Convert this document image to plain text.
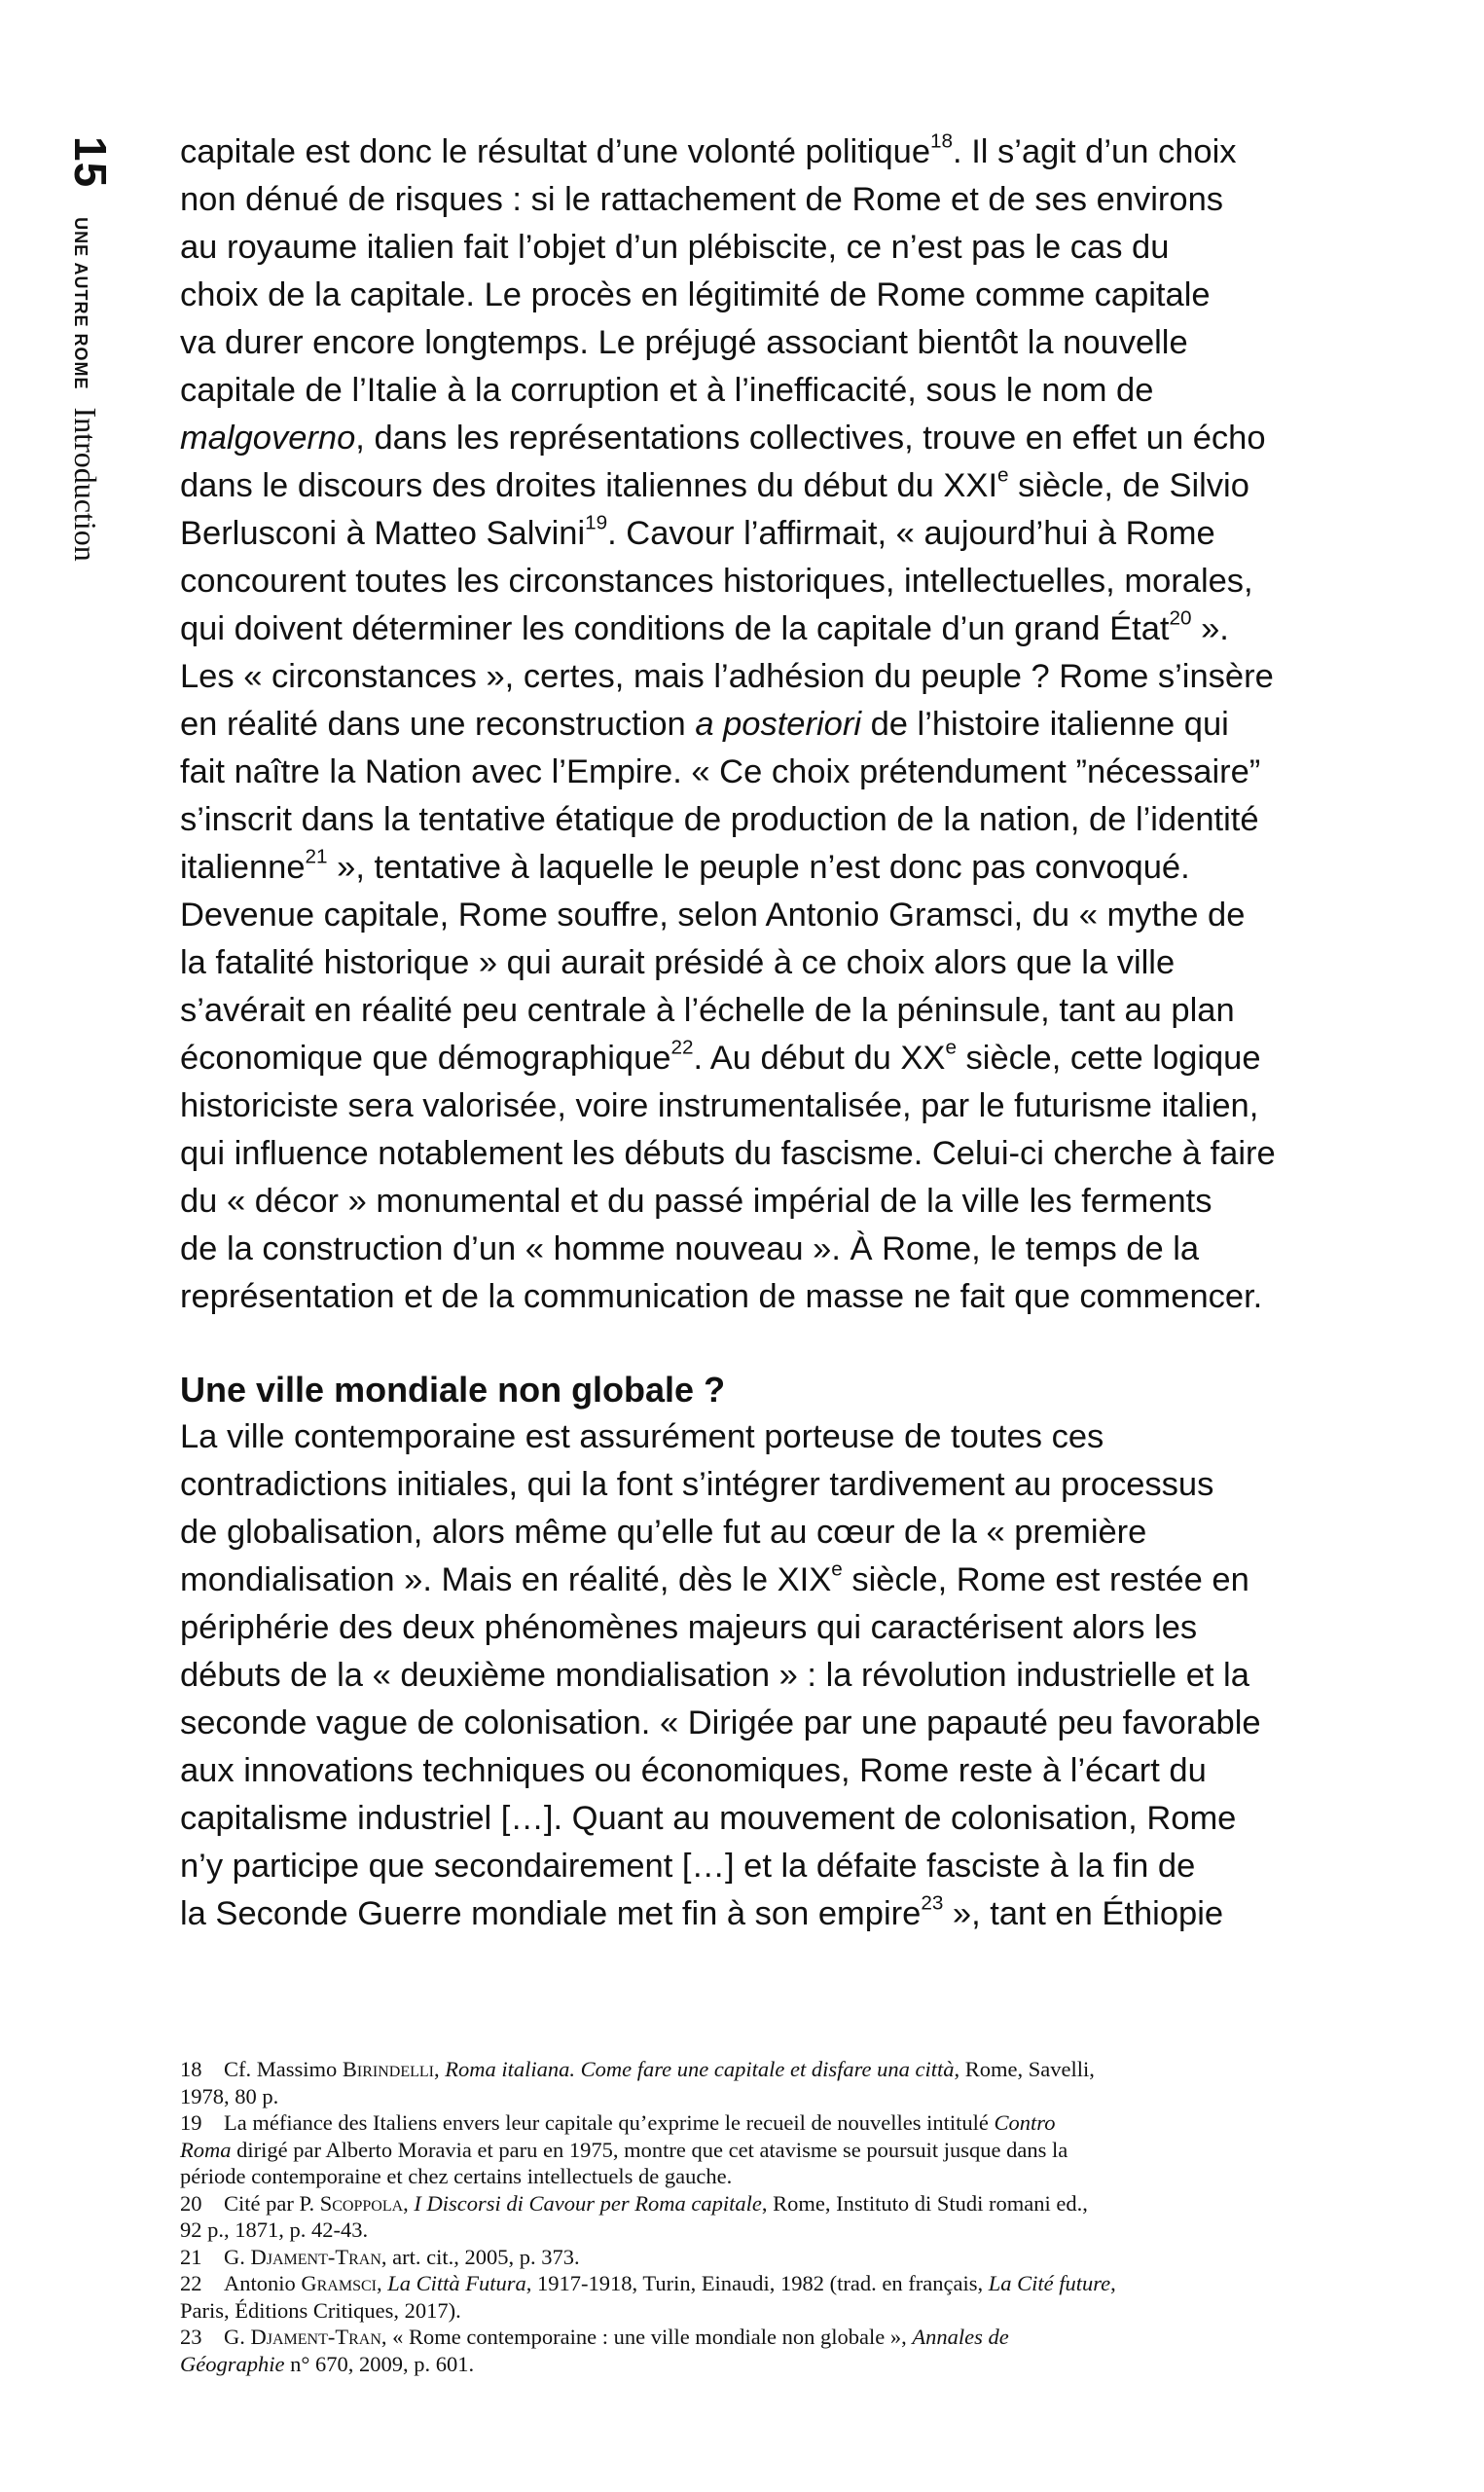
15
UNE AUTRE ROME
Introduction

capitale est donc le résultat d’une volonté politique$^{18}$. Il s’agit d’un choix
non dénué de risques : si le rattachement de Rome et de ses environs
au royaume italien fait l’objet d’un plébiscite, ce n’est pas le cas du
choix de la capitale. Le procès en légitimité de Rome comme capitale
va durer encore longtemps. Le préjugé associant bientôt la nouvelle
capitale de l’Italie à la corruption et à l’inefficacité, sous le nom de
malgoverno, dans les représentations collectives, trouve en effet un écho
dans le discours des droites italiennes du début du XXIe siècle, de Silvio
Berlusconi à Matteo Salvini$^{19}$. Cavour l’affirmait, « aujourd’hui à Rome
concourent toutes les circonstances historiques, intellectuelles, morales,
qui doivent déterminer les conditions de la capitale d’un grand État$^{20}$ ».
Les « circonstances », certes, mais l’adhésion du peuple ? Rome s’insère
en réalité dans une reconstruction a posteriori de l’histoire italienne qui
fait naître la Nation avec l’Empire. « Ce choix prétendument ”nécessaire”
s’inscrit dans la tentative étatique de production de la nation, de l’identité
italienne$^{21}$ », tentative à laquelle le peuple n’est donc pas convoqué.
Devenue capitale, Rome souffre, selon Antonio Gramsci, du « mythe de
la fatalité historique » qui aurait présidé à ce choix alors que la ville
s’avérait en réalité peu centrale à l’échelle de la péninsule, tant au plan
économique que démographique$^{22}$. Au début du XXe siècle, cette logique
historiciste sera valorisée, voire instrumentalisée, par le futurisme italien,
qui influence notablement les débuts du fascisme. Celui-ci cherche à faire
du « décor » monumental et du passé impérial de la ville les ferments
de la construction d’un « homme nouveau ». À Rome, le temps de la
représentation et de la communication de masse ne fait que commencer.

Une ville mondiale non globale ?

La ville contemporaine est assurément porteuse de toutes ces
contradictions initiales, qui la font s’intégrer tardivement au processus
de globalisation, alors même qu’elle fut au cœur de la « première
mondialisation ». Mais en réalité, dès le XIXe siècle, Rome est restée en
périphérie des deux phénomènes majeurs qui caractérisent alors les
débuts de la « deuxième mondialisation » : la révolution industrielle et la
seconde vague de colonisation. « Dirigée par une papauté peu favorable
aux innovations techniques ou économiques, Rome reste à l’écart du
capitalisme industriel […]. Quant au mouvement de colonisation, Rome
n’y participe que secondairement […] et la défaite fasciste à la fin de
la Seconde Guerre mondiale met fin à son empire$^{23}$ », tant en Éthiopie

18 Cf. Massimo Birindelli, Roma italiana. Come fare une capitale et disfare una città, Rome, Savelli,
1978, 80 p.

19 La méfiance des Italiens envers leur capitale qu’exprime le recueil de nouvelles intitulé Contro
Roma dirigé par Alberto Moravia et paru en 1975, montre que cet atavisme se poursuit jusque dans la
période contemporaine et chez certains intellectuels de gauche.

20 Cité par P. Scoppola, I Discorsi di Cavour per Roma capitale, Rome, Instituto di Studi romani ed.,
92 p., 1871, p. 42-43.

21 G. Djament-Tran, art. cit., 2005, p. 373.

22 Antonio Gramsci, La Città Futura, 1917-1918, Turin, Einaudi, 1982 (trad. en français, La Cité future,
Paris, Éditions Critiques, 2017).

23 G. Djament-Tran, « Rome contemporaine : une ville mondiale non globale », Annales de
Géographie n° 670, 2009, p. 601.
